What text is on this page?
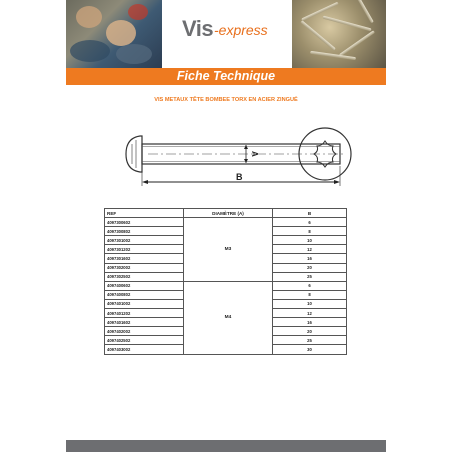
Vis -express
Fiche Technique
VIS METAUX TÊTE BOMBEE TORX EN ACIER ZINGUÉ
A
B
REF	DIAMÈTRE (A)	B
4097300602	M3	6
4097300802		8
4097301002		10
4097301202		12
4097301602		16
4097302002		20
4097302502		25
4097400602	M4	6
4097400802		8
4097401002		10
4097401202		12
4097401602		16
4097402002		20
4097402502		25
4097403002		30
